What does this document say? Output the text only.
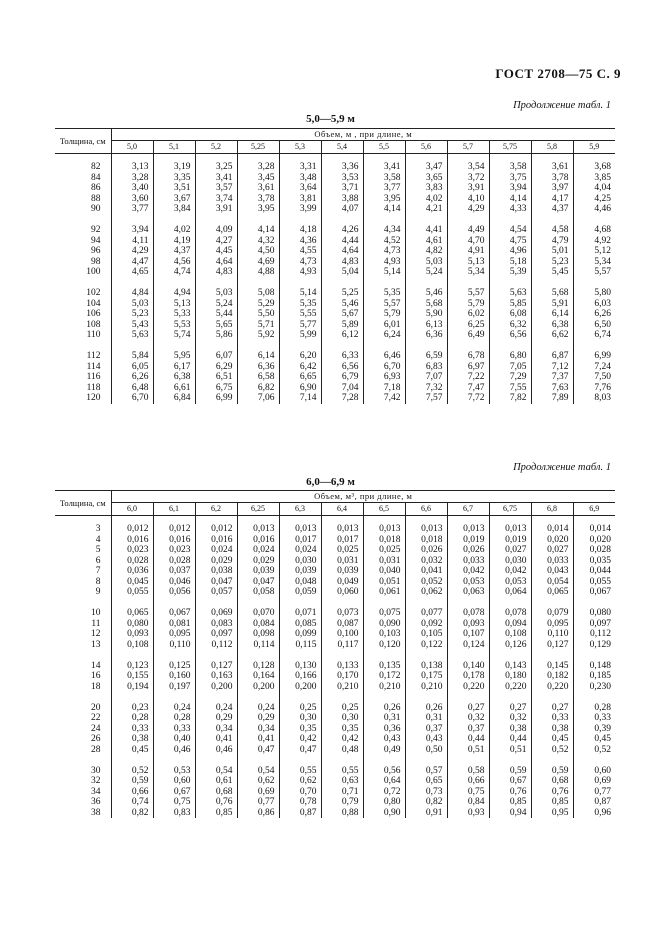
ГОСТ 2708—75 С. 9
Продолжение табл. 1
5,0—5,9 м
Толщина, см	Объем, м , при длине, м											
	5,0	5,1	5,2	5,25	5,3	5,4	5,5	5,6	5,7	5,75	5,8	5,9

82	3,13	3,19	3,25	3,28	3,31	3,36	3,41	3,47	3,54	3,58	3,61	3,68
84	3,28	3,35	3,41	3,45	3,48	3,53	3,58	3,65	3,72	3,75	3,78	3,85
86	3,40	3,51	3,57	3,61	3,64	3,71	3,77	3,83	3,91	3,94	3,97	4,04
88	3,60	3,67	3,74	3,78	3,81	3,88	3,95	4,02	4,10	4,14	4,17	4,25
90	3,77	3,84	3,91	3,95	3,99	4,07	4,14	4,21	4,29	4,33	4,37	4,46

92	3,94	4,02	4,09	4,14	4,18	4,26	4,34	4,41	4,49	4,54	4,58	4,68
94	4,11	4,19	4,27	4,32	4,36	4,44	4,52	4,61	4,70	4,75	4,79	4,92
96	4,29	4,37	4,45	4,50	4,55	4,64	4,73	4,82	4,91	4,96	5,01	5,12
98	4,47	4,56	4,64	4,69	4,73	4,83	4,93	5,03	5,13	5,18	5,23	5,34
100	4,65	4,74	4,83	4,88	4,93	5,04	5,14	5,24	5,34	5,39	5,45	5,57

102	4,84	4,94	5,03	5,08	5,14	5,25	5,35	5,46	5,57	5,63	5,68	5,80
104	5,03	5,13	5,24	5,29	5,35	5,46	5,57	5,68	5,79	5,85	5,91	6,03
106	5,23	5,33	5,44	5,50	5,55	5,67	5,79	5,90	6,02	6,08	6,14	6,26
108	5,43	5,53	5,65	5,71	5,77	5,89	6,01	6,13	6,25	6,32	6,38	6,50
110	5,63	5,74	5,86	5,92	5,99	6,12	6,24	6,36	6,49	6,56	6,62	6,74

112	5,84	5,95	6,07	6,14	6,20	6,33	6,46	6,59	6,78	6,80	6,87	6,99
114	6,05	6,17	6,29	6,36	6,42	6,56	6,70	6,83	6,97	7,05	7,12	7,24
116	6,26	6,38	6,51	6,58	6,65	6,79	6,93	7,07	7,22	7,29	7,37	7,50
118	6,48	6,61	6,75	6,82	6,90	7,04	7,18	7,32	7,47	7,55	7,63	7,76
120	6,70	6,84	6,99	7,06	7,14	7,28	7,42	7,57	7,72	7,82	7,89	8,03
Продолжение табл. 1
6,0—6,9 м
Толщина, см	Объем, м³, при длине, м											
	6,0	6,1	6,2	6,25	6,3	6,4	6,5	6,6	6,7	6,75	6,8	6,9

3	0,012	0,012	0,012	0,013	0,013	0,013	0,013	0,013	0,013	0,013	0,014	0,014
4	0,016	0,016	0,016	0,016	0,017	0,017	0,018	0,018	0,019	0,019	0,020	0,020
5	0,023	0,023	0,024	0,024	0,024	0,025	0,025	0,026	0,026	0,027	0,027	0,028
6	0,028	0,028	0,029	0,029	0,030	0,031	0,031	0,032	0,033	0,030	0,033	0,035
7	0,036	0,037	0,038	0,039	0,039	0,039	0,040	0,041	0,042	0,042	0,043	0,044
8	0,045	0,046	0,047	0,047	0,048	0,049	0,051	0,052	0,053	0,053	0,054	0,055
9	0,055	0,056	0,057	0,058	0,059	0,060	0,061	0,062	0,063	0,064	0,065	0,067

10	0,065	0,067	0,069	0,070	0,071	0,073	0,075	0,077	0,078	0,078	0,079	0,080
11	0,080	0,081	0,083	0,084	0,085	0,087	0,090	0,092	0,093	0,094	0,095	0,097
12	0,093	0,095	0,097	0,098	0,099	0,100	0,103	0,105	0,107	0,108	0,110	0,112
13	0,108	0,110	0,112	0,114	0,115	0,117	0,120	0,122	0,124	0,126	0,127	0,129

14	0,123	0,125	0,127	0,128	0,130	0,133	0,135	0,138	0,140	0,143	0,145	0,148
16	0,155	0,160	0,163	0,164	0,166	0,170	0,172	0,175	0,178	0,180	0,182	0,185
18	0,194	0,197	0,200	0,200	0,200	0,210	0,210	0,210	0,220	0,220	0,220	0,230

20	0,23	0,24	0,24	0,24	0,25	0,25	0,26	0,26	0,27	0,27	0,27	0,28
22	0,28	0,28	0,29	0,29	0,30	0,30	0,31	0,31	0,32	0,32	0,33	0,33
24	0,33	0,33	0,34	0,34	0,35	0,35	0,36	0,37	0,37	0,38	0,38	0,39
26	0,38	0,40	0,41	0,41	0,42	0,42	0,43	0,43	0,44	0,44	0,45	0,45
28	0,45	0,46	0,46	0,47	0,47	0,48	0,49	0,50	0,51	0,51	0,52	0,52

30	0,52	0,53	0,54	0,54	0,55	0,55	0,56	0,57	0,58	0,59	0,59	0,60
32	0,59	0,60	0,61	0,62	0,62	0,63	0,64	0,65	0,66	0,67	0,68	0,69
34	0,66	0,67	0,68	0,69	0,70	0,71	0,72	0,73	0,75	0,76	0,76	0,77
36	0,74	0,75	0,76	0,77	0,78	0,79	0,80	0,82	0,84	0,85	0,85	0,87
38	0,82	0,83	0,85	0,86	0,87	0,88	0,90	0,91	0,93	0,94	0,95	0,96
